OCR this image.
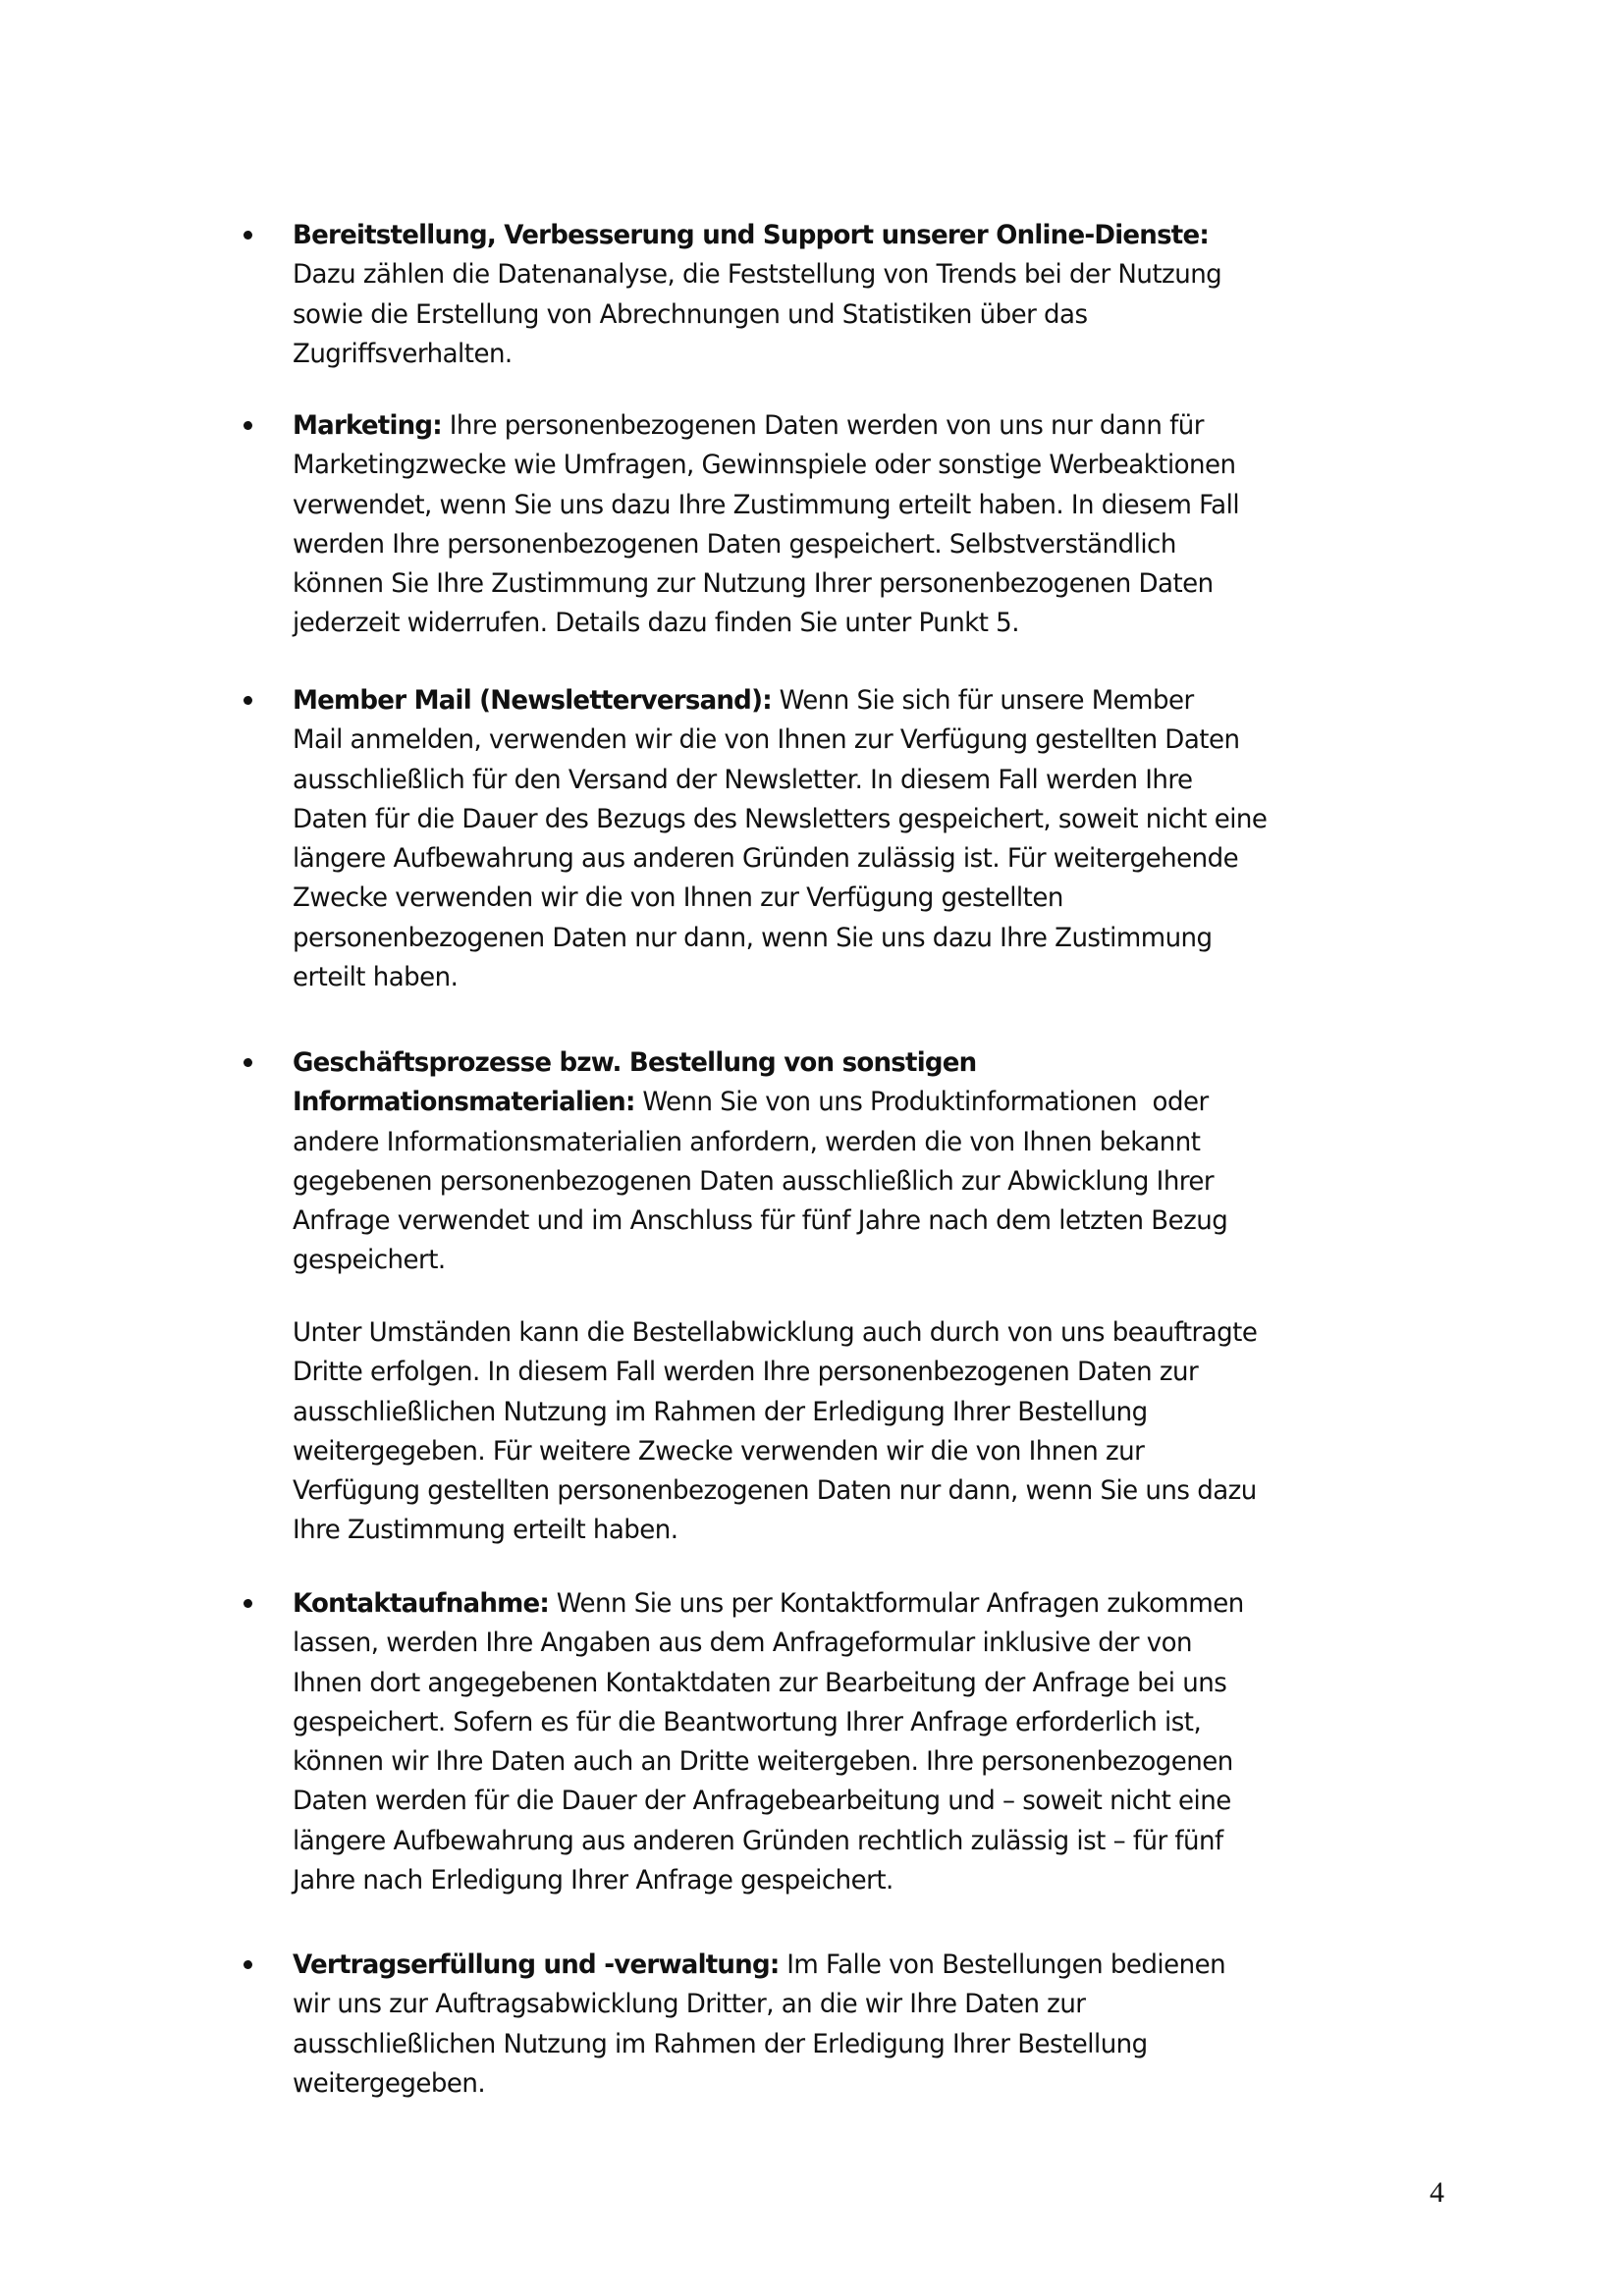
Bereitstellung, Verbesserung und Support unserer Online-Dienste:
Dazu zählen die Datenanalyse, die Feststellung von Trends bei der Nutzung
sowie die Erstellung von Abrechnungen und Statistiken über das
Zugriffsverhalten.
Marketing: Ihre personenbezogenen Daten werden von uns nur dann für
Marketingzwecke wie Umfragen, Gewinnspiele oder sonstige Werbeaktionen
verwendet, wenn Sie uns dazu Ihre Zustimmung erteilt haben. In diesem Fall
werden Ihre personenbezogenen Daten gespeichert. Selbstverständlich
können Sie Ihre Zustimmung zur Nutzung Ihrer personenbezogenen Daten
jederzeit widerrufen. Details dazu finden Sie unter Punkt 5.
Member Mail (Newsletterversand): Wenn Sie sich für unsere Member
Mail anmelden, verwenden wir die von Ihnen zur Verfügung gestellten Daten
ausschließlich für den Versand der Newsletter. In diesem Fall werden Ihre
Daten für die Dauer des Bezugs des Newsletters gespeichert, soweit nicht eine
längere Aufbewahrung aus anderen Gründen zulässig ist. Für weitergehende
Zwecke verwenden wir die von Ihnen zur Verfügung gestellten
personenbezogenen Daten nur dann, wenn Sie uns dazu Ihre Zustimmung
erteilt haben.
Geschäftsprozesse bzw. Bestellung von sonstigen
Informationsmaterialien: Wenn Sie von uns Produktinformationen  oder
andere Informationsmaterialien anfordern, werden die von Ihnen bekannt
gegebenen personenbezogenen Daten ausschließlich zur Abwicklung Ihrer
Anfrage verwendet und im Anschluss für fünf Jahre nach dem letzten Bezug
gespeichert.
Unter Umständen kann die Bestellabwicklung auch durch von uns beauftragte
Dritte erfolgen. In diesem Fall werden Ihre personenbezogenen Daten zur
ausschließlichen Nutzung im Rahmen der Erledigung Ihrer Bestellung
weitergegeben. Für weitere Zwecke verwenden wir die von Ihnen zur
Verfügung gestellten personenbezogenen Daten nur dann, wenn Sie uns dazu
Ihre Zustimmung erteilt haben.
Kontaktaufnahme: Wenn Sie uns per Kontaktformular Anfragen zukommen
lassen, werden Ihre Angaben aus dem Anfrageformular inklusive der von
Ihnen dort angegebenen Kontaktdaten zur Bearbeitung der Anfrage bei uns
gespeichert. Sofern es für die Beantwortung Ihrer Anfrage erforderlich ist,
können wir Ihre Daten auch an Dritte weitergeben. Ihre personenbezogenen
Daten werden für die Dauer der Anfragebearbeitung und – soweit nicht eine
längere Aufbewahrung aus anderen Gründen rechtlich zulässig ist – für fünf
Jahre nach Erledigung Ihrer Anfrage gespeichert.
Vertragserfüllung und -verwaltung: Im Falle von Bestellungen bedienen
wir uns zur Auftragsabwicklung Dritter, an die wir Ihre Daten zur
ausschließlichen Nutzung im Rahmen der Erledigung Ihrer Bestellung
weitergegeben.
4
